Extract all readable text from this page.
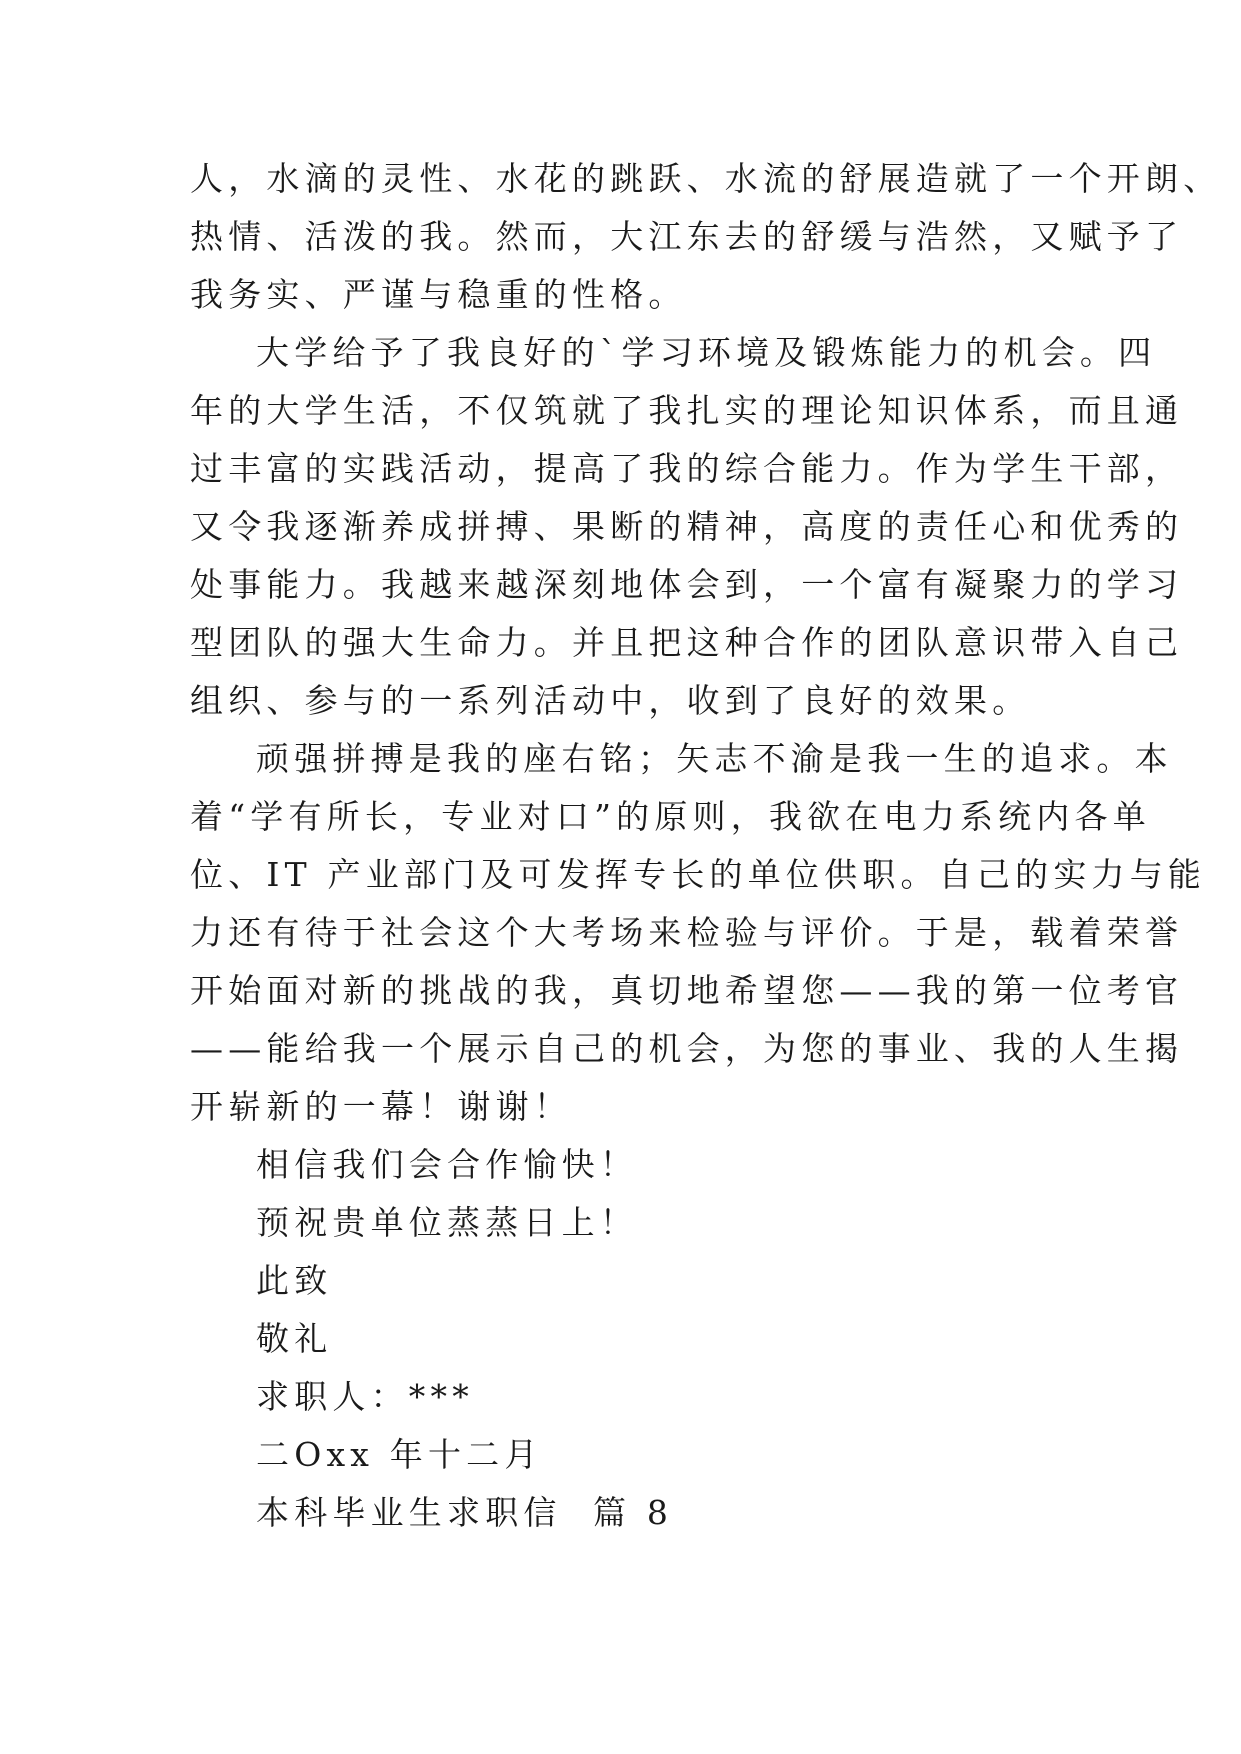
人，水滴的灵性、水花的跳跃、水流的舒展造就了一个开朗、
热情、活泼的我。然而，大江东去的舒缓与浩然，又赋予了
我务实、严谨与稳重的性格。
大学给予了我良好的`学习环境及锻炼能力的机会。四
年的大学生活，不仅筑就了我扎实的理论知识体系，而且通
过丰富的实践活动，提高了我的综合能力。作为学生干部，
又令我逐渐养成拼搏、果断的精神，高度的责任心和优秀的
处事能力。我越来越深刻地体会到，一个富有凝聚力的学习
型团队的强大生命力。并且把这种合作的团队意识带入自己
组织、参与的一系列活动中，收到了良好的效果。
顽强拼搏是我的座右铭；矢志不渝是我一生的追求。本
着“学有所长，专业对口”的原则，我欲在电力系统内各单
位、IT 产业部门及可发挥专长的单位供职。自己的实力与能
力还有待于社会这个大考场来检验与评价。于是，载着荣誉
开始面对新的挑战的我，真切地希望您——我的第一位考官
——能给我一个展示自己的机会，为您的事业、我的人生揭
开崭新的一幕！谢谢！
相信我们会合作愉快！
预祝贵单位蒸蒸日上！
此致
敬礼
求职人：***
二Oxx 年十二月
本科毕业生求职信  篇 8
